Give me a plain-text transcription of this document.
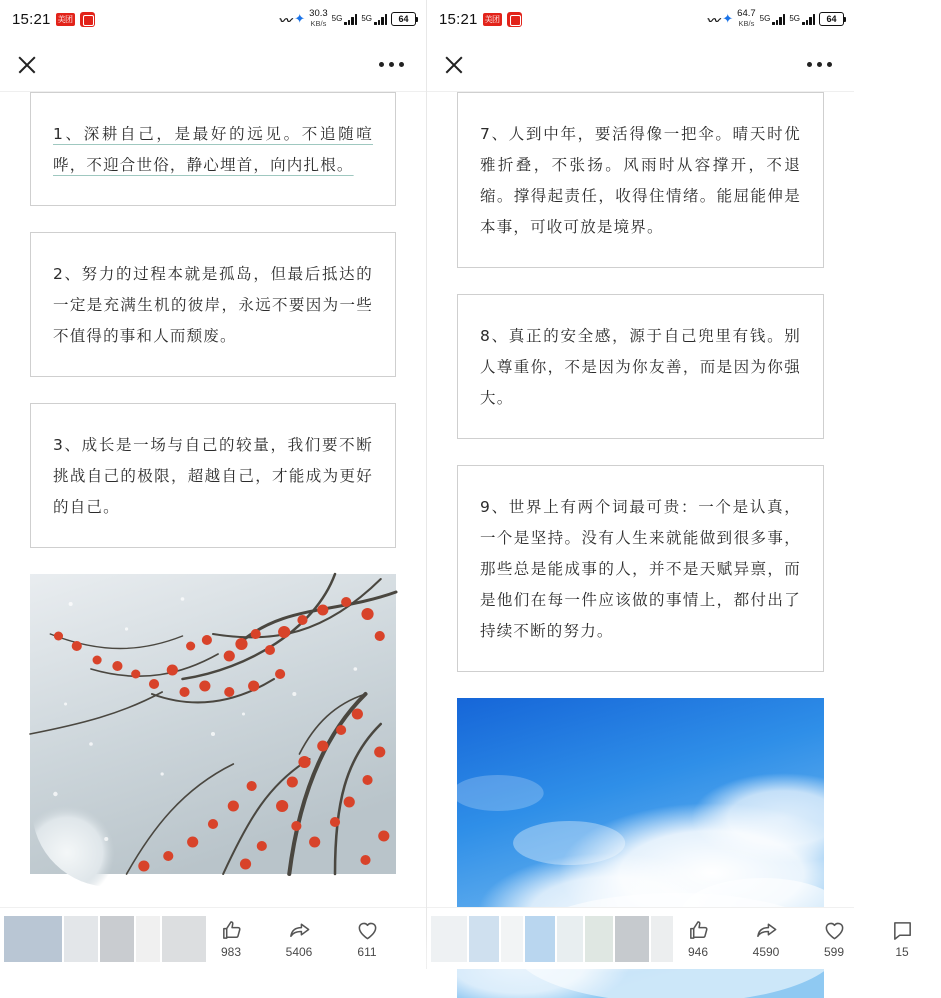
15:21 美团	〰 ✦ 30.3
KB/s
5G 5G	64

1、深耕自己，是最好的远见。不追随喧哗，不迎合世俗，静心埋首，向内扎根。

2、努力的过程本就是孤岛，但最后抵达的一定是充满生机的彼岸，永远不要因为一些不值得的事和人而颓废。

3、成长是一场与自己的较量，我们要不断挑战自己的极限，超越自己，才能成为更好的自己。

983	5406	611
15:21 美团	〰 ✦ 64.7
KB/s
5G 5G	64

7、人到中年，要活得像一把伞。晴天时优雅折叠，不张扬。风雨时从容撑开，不退缩。撑得起责任，收得住情绪。能屈能伸是本事，可收可放是境界。

8、真正的安全感，源于自己兜里有钱。别人尊重你，不是因为你友善，而是因为你强大。

9、世界上有两个词最可贵：一个是认真，一个是坚持。没有人生来就能做到很多事，那些总是能成事的人，并不是天赋异禀，而是他们在每一件应该做的事情上，都付出了持续不断的努力。

946	4590	599	15
